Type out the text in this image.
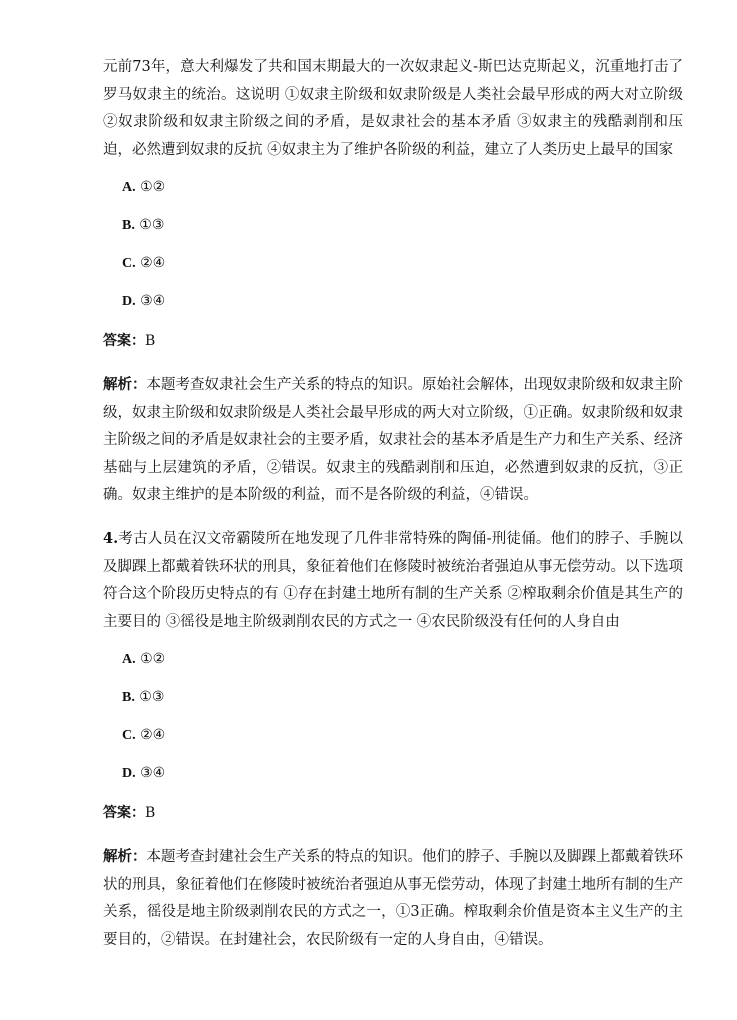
元前73年，意大利爆发了共和国末期最大的一次奴隶起义-斯巴达克斯起义，沉重地打击了罗马奴隶主的统治。这说明 ①奴隶主阶级和奴隶阶级是人类社会最早形成的两大对立阶级 ②奴隶阶级和奴隶主阶级之间的矛盾，是奴隶社会的基本矛盾 ③奴隶主的残酷剥削和压迫，必然遭到奴隶的反抗 ④奴隶主为了维护各阶级的利益，建立了人类历史上最早的国家

A. ①②

B. ①③

C. ②④

D. ③④

答案：B

解析：本题考查奴隶社会生产关系的特点的知识。原始社会解体，出现奴隶阶级和奴隶主阶级，奴隶主阶级和奴隶阶级是人类社会最早形成的两大对立阶级，①正确。奴隶阶级和奴隶主阶级之间的矛盾是奴隶社会的主要矛盾，奴隶社会的基本矛盾是生产力和生产关系、经济基础与上层建筑的矛盾，②错误。奴隶主的残酷剥削和压迫，必然遭到奴隶的反抗，③正确。奴隶主维护的是本阶级的利益，而不是各阶级的利益，④错误。

4.考古人员在汉文帝霸陵所在地发现了几件非常特殊的陶俑-刑徒俑。他们的脖子、手腕以及脚踝上都戴着铁环状的刑具，象征着他们在修陵时被统治者强迫从事无偿劳动。以下选项符合这个阶段历史特点的有 ①存在封建土地所有制的生产关系 ②榨取剩余价值是其生产的主要目的 ③徭役是地主阶级剥削农民的方式之一 ④农民阶级没有任何的人身自由

A. ①②

B. ①③

C. ②④

D. ③④

答案：B

解析：本题考查封建社会生产关系的特点的知识。他们的脖子、手腕以及脚踝上都戴着铁环状的刑具，象征着他们在修陵时被统治者强迫从事无偿劳动，体现了封建土地所有制的生产关系，徭役是地主阶级剥削农民的方式之一，①3正确。榨取剩余价值是资本主义生产的主要目的，②错误。在封建社会，农民阶级有一定的人身自由，④错误。
